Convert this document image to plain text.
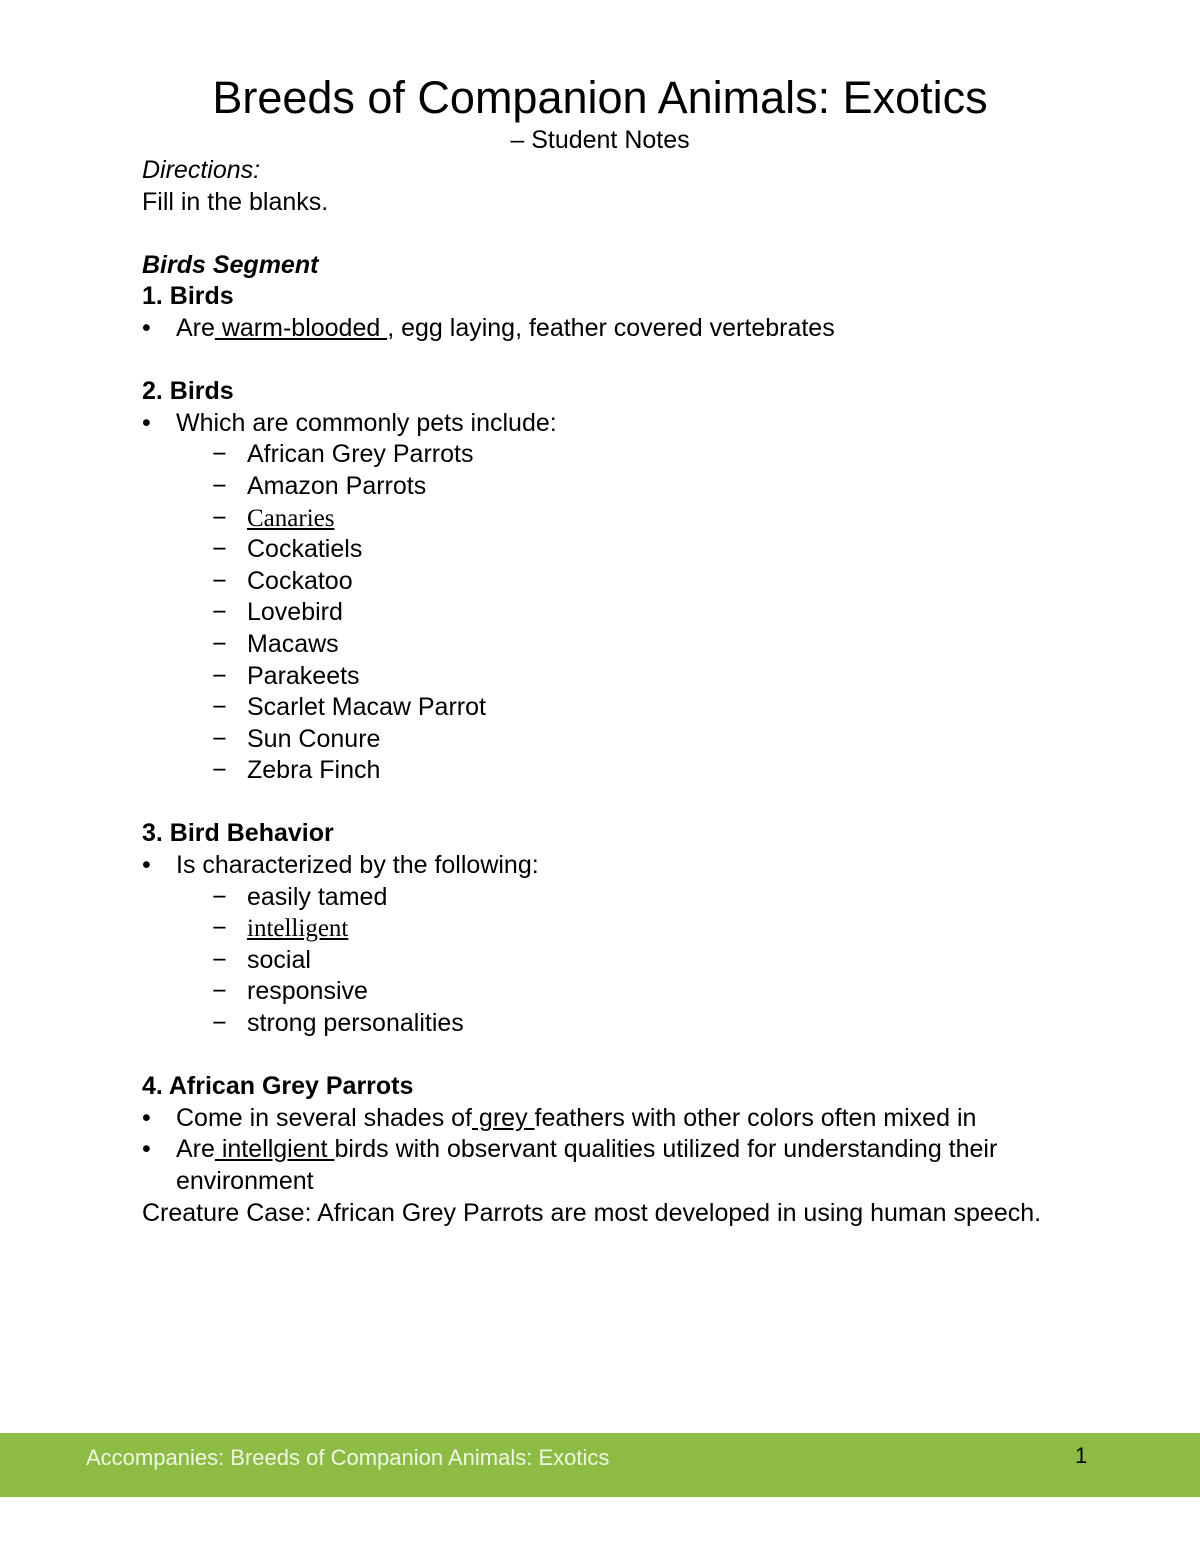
Breeds of Companion Animals: Exotics
– Student Notes
Directions:
Fill in the blanks.
Birds Segment
1. Birds
• Are warm-blooded , egg laying, feather covered vertebrates
2. Birds
• Which are commonly pets include:
− African Grey Parrots
− Amazon Parrots
− Canaries
− Cockatiels
− Cockatoo
− Lovebird
− Macaws
− Parakeets
− Scarlet Macaw Parrot
− Sun Conure
− Zebra Finch
3. Bird Behavior
• Is characterized by the following:
− easily tamed
− intelligent
− social
− responsive
− strong personalities
4. African Grey Parrots
• Come in several shades of grey feathers with other colors often mixed in
• Are intellgient birds with observant qualities utilized for understanding their environment
Creature Case: African Grey Parrots are most developed in using human speech.
Accompanies: Breeds of Companion Animals: Exotics	1
